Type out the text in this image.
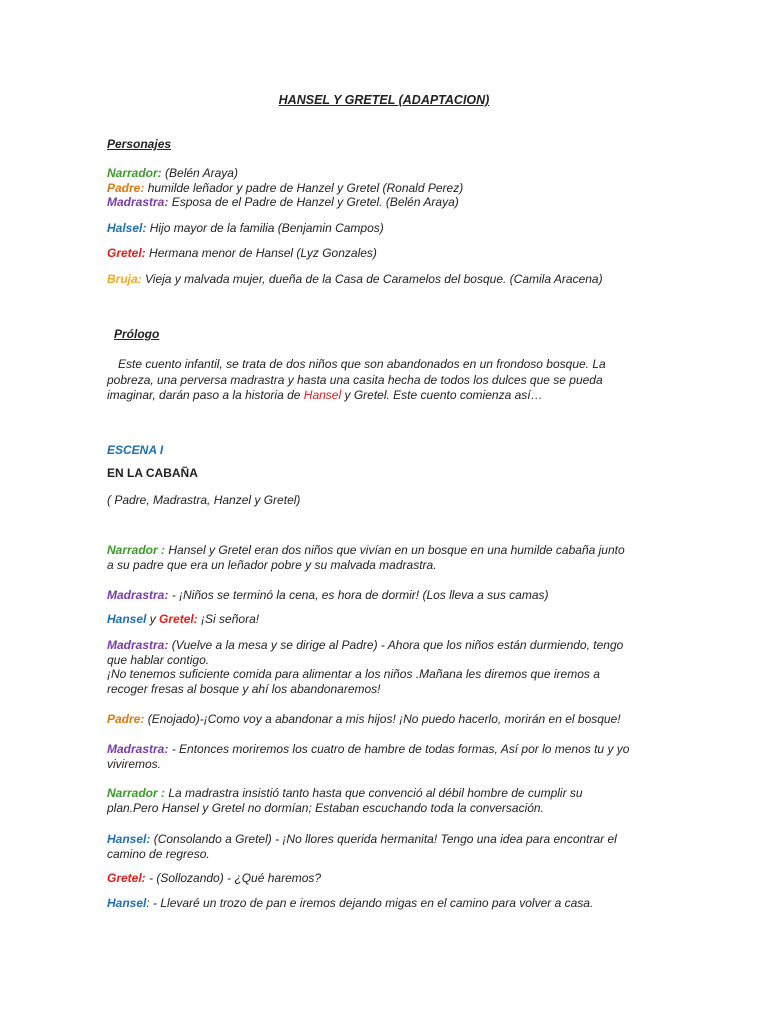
HANSEL Y GRETEL (ADAPTACION)
Personajes
Narrador: (Belén Araya)
Padre: humilde leñador y padre de Hanzel y Gretel (Ronald Perez)
Madrastra: Esposa de el Padre de Hanzel y Gretel. (Belén Araya)
Halsel: Hijo mayor de la familia (Benjamin Campos)
Gretel: Hermana menor de Hansel (Lyz Gonzales)
Bruja: Vieja y malvada mujer, dueña de la Casa de Caramelos del bosque. (Camila Aracena)
Prólogo
Este cuento infantil, se trata de dos niños que son abandonados en un frondoso bosque. La
pobreza, una perversa madrastra y hasta una casita hecha de todos los dulces que se pueda
imaginar, darán paso a la historia de Hansel y Gretel. Este cuento comienza así…
ESCENA I
EN LA CABAÑA
( Padre, Madrastra, Hanzel y Gretel)
Narrador : Hansel y Gretel eran dos niños que vivían en un bosque en una humilde cabaña junto
a su padre que era un leñador pobre y su malvada madrastra.
Madrastra: - ¡Niños se terminó la cena, es hora de dormir! (Los lleva a sus camas)
Hansel y Gretel: ¡Si señora!
Madrastra: (Vuelve a la mesa y se dirige al Padre) - Ahora que los niños están durmiendo, tengo
que hablar contigo.
¡No tenemos suficiente comida para alimentar a los niños .Mañana les diremos que iremos a
recoger fresas al bosque y ahí los abandonaremos!
Padre: (Enojado)-¡Como voy a abandonar a mis hijos! ¡No puedo hacerlo, morirán en el bosque!
Madrastra: - Entonces moriremos los cuatro de hambre de todas formas, Así por lo menos tu y yo
viviremos.
Narrador : La madrastra insistió tanto hasta que convenció al débil hombre de cumplir su
plan.Pero Hansel y Gretel no dormían; Estaban escuchando toda la conversación.
Hansel: (Consolando a Gretel) - ¡No llores querida hermanita! Tengo una idea para encontrar el
camino de regreso.
Gretel: - (Sollozando) - ¿Qué haremos?
Hansel: - Llevaré un trozo de pan e iremos dejando migas en el camino para volver a casa.
